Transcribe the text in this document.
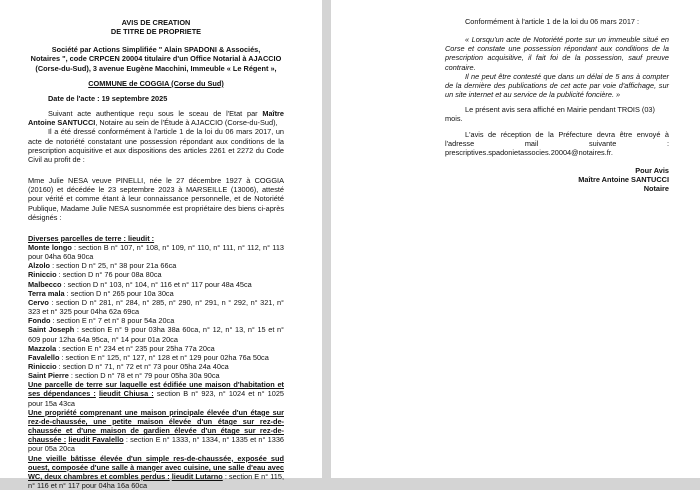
AVIS DE CREATION

DE TITRE DE PROPRIETE

Société par Actions Simplifiée " Alain SPADONI & Associés,

Notaires ", code CRPCEN 20004 titulaire d'un Office Notarial à AJACCIO

(Corse-du-Sud), 3 avenue Eugène Macchini, Immeuble « Le Régent »,

COMMUNE de COGGIA (Corse du Sud)

Date de l'acte : 19 septembre 2025

Suivant acte authentique reçu sous le sceau de l'Etat par Maître Antoine SANTUCCI, Notaire au sein de l'Étude à AJACCIO (Corse-du-Sud),

Il a été dressé conformément à l'article 1 de la loi du 06 mars 2017, un acte de notoriété constatant une possession répondant aux conditions de la prescription acquisitive et aux dispositions des articles 2261 et 2272 du Code Civil au profit de :

Mme Julie NESA veuve PINELLI, née le 27 décembre 1927 à COGGIA (20160) et décédée le 23 septembre 2023 à MARSEILLE (13006), attesté pour vérité et comme étant à leur connaissance personnelle, et de Notoriété Publique, Madame Julie NESA susnommée est propriétaire des biens ci-après désignés :

Diverses parcelles de terre : lieudit :

Monte longo : section B n° 107, n° 108, n° 109, n° 110, n° 111, n° 112, n° 113 pour 04ha 60a 90ca

Alzolo : section D n° 25, n° 38 pour 21a 66ca

Riniccio : section D n° 76 pour 08a 80ca

Malbecco : section D n° 103, n° 104, n° 116 et n° 117 pour 48a 45ca

Terra mala : section D n° 265 pour 10a 30ca

Cervo : section D n° 281, n° 284, n° 285, n° 290, n° 291, n ° 292, n° 321, n° 323 et n° 325 pour 04ha 62a 69ca

Fondo : section E n° 7 et n° 8 pour 54a 20ca

Saint Joseph : section E n° 9 pour 03ha 38a 60ca, n° 12, n° 13, n° 15 et n° 609 pour 12ha 64a 95ca, n° 14 pour 01a 20ca

Mazzola : section E n° 234 et n° 235 pour 25ha 77a 20ca

Favalello : section E n° 125, n° 127, n° 128 et n° 129 pour 02ha 76a 50ca

Riniccio : section D n° 71, n° 72 et n° 73 pour 05ha 24a 40ca

Saint Pierre : section D n° 78 et n° 79 pour 05ha 30a 90ca

Une parcelle de terre sur laquelle est édifiée une maison d'habitation et ses dépendances : lieudit Chiusa : section B n° 923, n° 1024 et n° 1025 pour 15a 43ca

Une propriété comprenant une maison principale élevée d'un étage sur rez-de-chaussée, une petite maison élevée d'un étage sur rez-de-chaussée et d'une maison de gardien élevée d'un étage sur rez-de-chaussée : lieudit Favalello : section E n° 1333, n° 1334, n° 1335 et n° 1336 pour 05a 20ca

Une vieille bâtisse élevée d'un simple res-de-chaussée, exposée sud ouest, composée d'une salle à manger avec cuisine, une salle d'eau avec WC, deux chambres et combles perdus : lieudit Lutarno : section E n° 115, n° 116 et n° 117 pour 04ha 16a 60ca

Conformément à l'article 1 de la loi du 06 mars 2017 :

« Lorsqu'un acte de Notoriété porte sur un immeuble situé en Corse et constate une possession répondant aux conditions de la prescription acquisitive, il fait foi de la possession, sauf preuve contraire.

Il ne peut être contesté que dans un délai de 5 ans à compter de la dernière des publications de cet acte par voie d'affichage, sur un site internet et au service de la publicité foncière. »

Le présent avis sera affiché en Mairie pendant TROIS (03) mois.

L'avis de réception de la Préfecture devra être envoyé à l'adresse mail suivante : prescriptives.spadonietassocies.20004@notaires.fr.

Pour Avis

Maître Antoine SANTUCCI

Notaire
